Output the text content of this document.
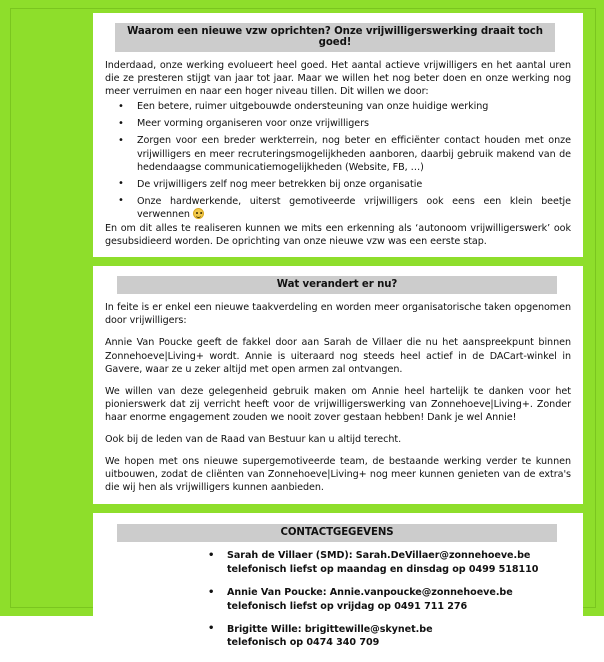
Waarom een nieuwe vzw oprichten? Onze vrijwilligerswerking draait toch goed!

Inderdaad, onze werking evolueert heel goed. Het aantal actieve vrijwilligers en het aantal uren die ze presteren stijgt van jaar tot jaar. Maar we willen het nog beter doen en onze werking nog meer verruimen en naar een hoger niveau tillen. Dit willen we door:

• Een betere, ruimer uitgebouwde ondersteuning van onze huidige werking
• Meer vorming organiseren voor onze vrijwilligers
• Zorgen voor een breder werkterrein, nog beter en efficiënter contact houden met onze vrijwilligers en meer recruteringsmogelijkheden aanboren, daarbij gebruik makend van de hedendaagse communicatiemogelijkheden (Website, FB, …)
• De vrijwilligers zelf nog meer betrekken bij onze organisatie
• Onze hardwerkende, uiterst gemotiveerde vrijwilligers ook eens een klein beetje verwennen

En om dit alles te realiseren kunnen we mits een erkenning als ‘autonoom vrijwilligerswerk’ ook gesubsidieerd worden. De oprichting van onze nieuwe vzw was een eerste stap.

Wat verandert er nu?

In feite is er enkel een nieuwe taakverdeling en worden meer organisatorische taken opgenomen door vrijwilligers:

Annie Van Poucke geeft de fakkel door aan Sarah de Villaer die nu het aanspreekpunt binnen Zonnehoeve|Living+ wordt. Annie is uiteraard nog steeds heel actief in de DACart-winkel in Gavere, waar ze u zeker altijd met open armen zal ontvangen.

We willen van deze gelegenheid gebruik maken om Annie heel hartelijk te danken voor het pionierswerk dat zij verricht heeft voor de vrijwilligerswerking van Zonnehoeve|Living+. Zonder haar enorme engagement zouden we nooit zover gestaan hebben! Dank je wel Annie!

Ook bij de leden van de Raad van Bestuur kan u altijd terecht.

We hopen met ons nieuwe supergemotiveerde team, de bestaande werking verder te kunnen uitbouwen, zodat de cliënten van Zonnehoeve|Living+ nog meer kunnen genieten van de extra's die wij hen als vrijwilligers kunnen aanbieden.

CONTACTGEGEVENS
• Sarah de Villaer (SMD): Sarah.DeVillaer@zonnehoeve.be
telefonisch liefst op maandag en dinsdag op 0499 518110
• Annie Van Poucke: Annie.vanpoucke@zonnehoeve.be
telefonisch liefst op vrijdag op 0491 711 276
• Brigitte Wille: brigittewille@skynet.be
telefonisch op 0474 340 709
